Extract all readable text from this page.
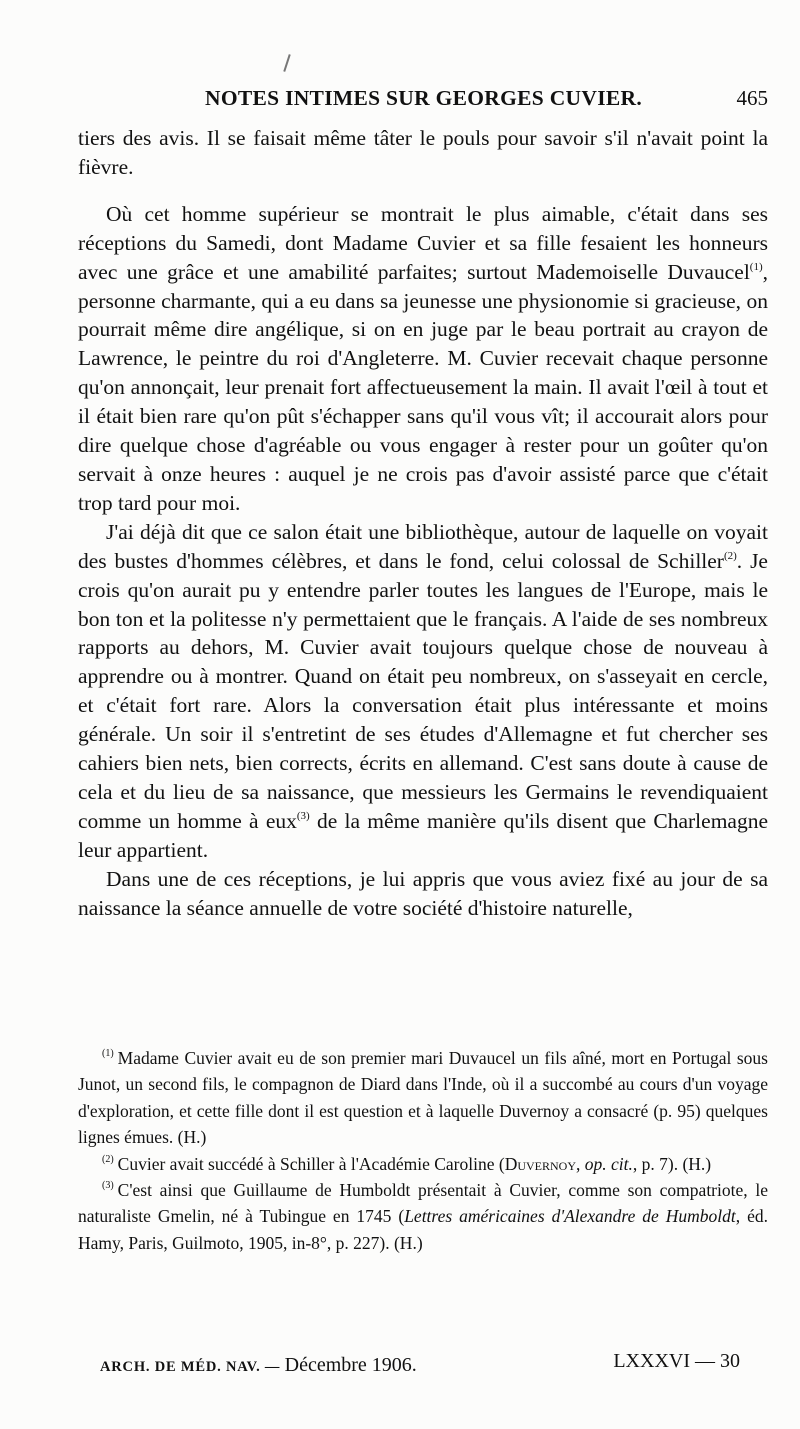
NOTES INTIMES SUR GEORGES CUVIER.	465

tiers des avis. Il se faisait même tâter le pouls pour savoir s'il n'avait point la fièvre.

Où cet homme supérieur se montrait le plus aimable, c'était dans ses réceptions du Samedi, dont Madame Cuvier et sa fille fesaient les honneurs avec une grâce et une amabilité parfaites; surtout Mademoiselle Duvaucel$^{(1)}$, personne charmante, qui a eu dans sa jeunesse une physionomie si gracieuse, on pourrait même dire angélique, si on en juge par le beau portrait au crayon de Lawrence, le peintre du roi d'Angleterre. M. Cuvier recevait chaque personne qu'on annonçait, leur prenait fort affectueusement la main. Il avait l'œil à tout et il était bien rare qu'on pût s'échapper sans qu'il vous vît; il accourait alors pour dire quelque chose d'agréable ou vous engager à rester pour un goûter qu'on servait à onze heures : auquel je ne crois pas d'avoir assisté parce que c'était trop tard pour moi.

J'ai déjà dit que ce salon était une bibliothèque, autour de laquelle on voyait des bustes d'hommes célèbres, et dans le fond, celui colossal de Schiller$^{(2)}$. Je crois qu'on aurait pu y entendre parler toutes les langues de l'Europe, mais le bon ton et la politesse n'y permettaient que le français. A l'aide de ses nombreux rapports au dehors, M. Cuvier avait toujours quelque chose de nouveau à apprendre ou à montrer. Quand on était peu nombreux, on s'asseyait en cercle, et c'était fort rare. Alors la conversation était plus intéressante et moins générale. Un soir il s'entretint de ses études d'Allemagne et fut chercher ses cahiers bien nets, bien corrects, écrits en allemand. C'est sans doute à cause de cela et du lieu de sa naissance, que messieurs les Germains le revendiquaient comme un homme à eux$^{(3)}$ de la même manière qu'ils disent que Charlemagne leur appartient.

Dans une de ces réceptions, je lui appris que vous aviez fixé au jour de sa naissance la séance annuelle de votre société d'histoire naturelle,

$^{(1)}$ Madame Cuvier avait eu de son premier mari Duvaucel un fils aîné, mort en Portugal sous Junot, un second fils, le compagnon de Diard dans l'Inde, où il a succombé au cours d'un voyage d'exploration, et cette fille dont il est question et à laquelle Duvernoy a consacré (p. 95) quelques lignes émues. (H.)

$^{(2)}$ Cuvier avait succédé à Schiller à l'Académie Caroline (Duvernoy, op. cit., p. 7). (H.)

$^{(3)}$ C'est ainsi que Guillaume de Humboldt présentait à Cuvier, comme son compatriote, le naturaliste Gmelin, né à Tubingue en 1745 (Lettres américaines d'Alexandre de Humboldt, éd. Hamy, Paris, Guilmoto, 1905, in-8°, p. 227). (H.)

ARCH. DE MÉD. NAV. — Décembre 1906.	LXXXVI — 30
